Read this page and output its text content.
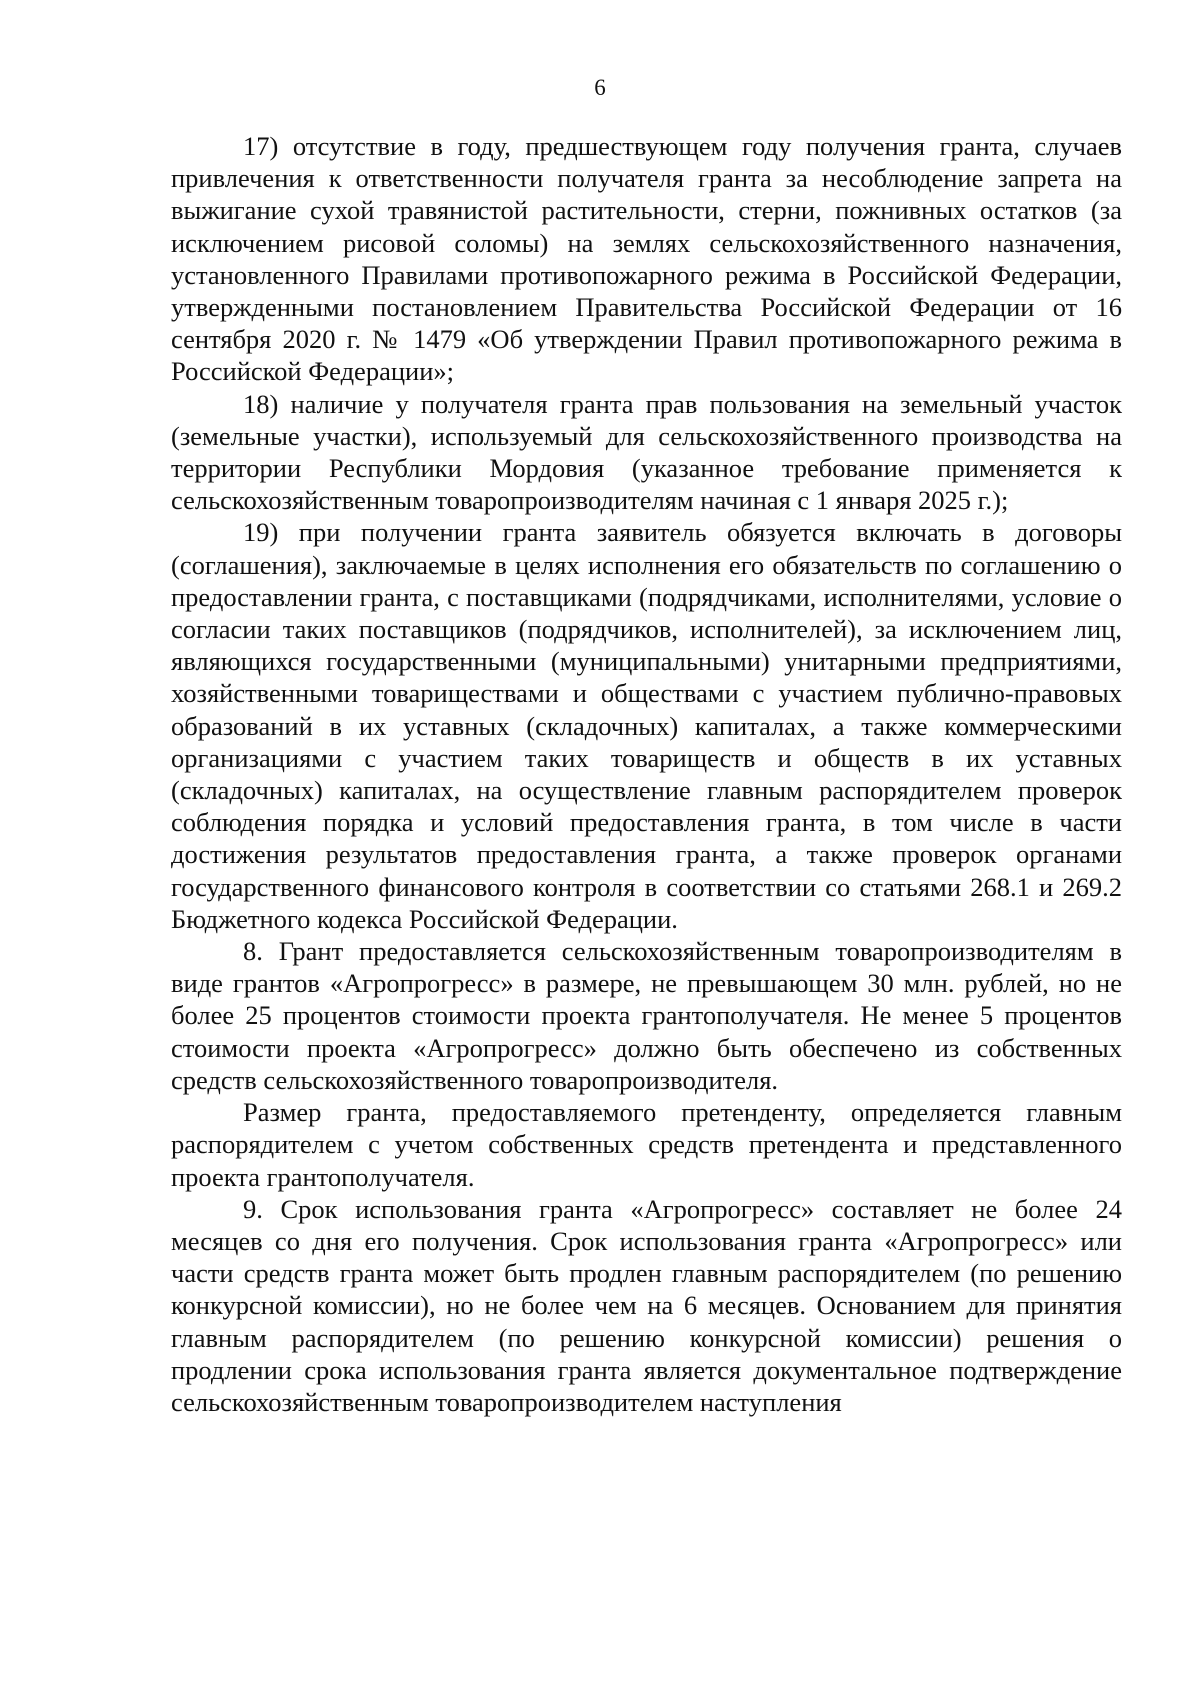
6

17) отсутствие в году, предшествующем году получения гранта, случаев привлечения к ответственности получателя гранта за несоблюдение запрета на выжигание сухой травянистой растительности, стерни, пожнивных остатков (за исключением рисовой соломы) на землях сельскохозяйственного назначения, установленного Правилами противопожарного режима в Российской Федерации, утвержденными постановлением Правительства Российской Федерации от 16 сентября 2020 г. № 1479 «Об утверждении Правил противопожарного режима в Российской Федерации»;

18) наличие у получателя гранта прав пользования на земельный участок (земельные участки), используемый для сельскохозяйственного производства на территории Республики Мордовия (указанное требование применяется к сельскохозяйственным товаропроизводителям начиная с 1 января 2025 г.);

19) при получении гранта заявитель обязуется включать в договоры (соглашения), заключаемые в целях исполнения его обязательств по соглашению о предоставлении гранта, с поставщиками (подрядчиками, исполнителями, условие о согласии таких поставщиков (подрядчиков, исполнителей), за исключением лиц, являющихся государственными (муниципальными) унитарными предприятиями, хозяйственными товариществами и обществами с участием публично-правовых образований в их уставных (складочных) капиталах, а также коммерческими организациями с участием таких товариществ и обществ в их уставных (складочных) капиталах, на осуществление главным распорядителем проверок соблюдения порядка и условий предоставления гранта, в том числе в части достижения результатов предоставления гранта, а также проверок органами государственного финансового контроля в соответствии со статьями 268.1 и 269.2 Бюджетного кодекса Российской Федерации.

8. Грант предоставляется сельскохозяйственным товаропроизводителям в виде грантов «Агропрогресс» в размере, не превышающем 30 млн. рублей, но не более 25 процентов стоимости проекта грантополучателя. Не менее 5 процентов стоимости проекта «Агропрогресс» должно быть обеспечено из собственных средств сельскохозяйственного товаропроизводителя.

Размер гранта, предоставляемого претенденту, определяется главным распорядителем с учетом собственных средств претендента и представленного проекта грантополучателя.

9. Срок использования гранта «Агропрогресс» составляет не более 24 месяцев со дня его получения. Срок использования гранта «Агропрогресс» или части средств гранта может быть продлен главным распорядителем (по решению конкурсной комиссии), но не более чем на 6 месяцев. Основанием для принятия главным распорядителем (по решению конкурсной комиссии) решения о продлении срока использования гранта является документальное подтверждение сельскохозяйственным товаропроизводителем наступления
